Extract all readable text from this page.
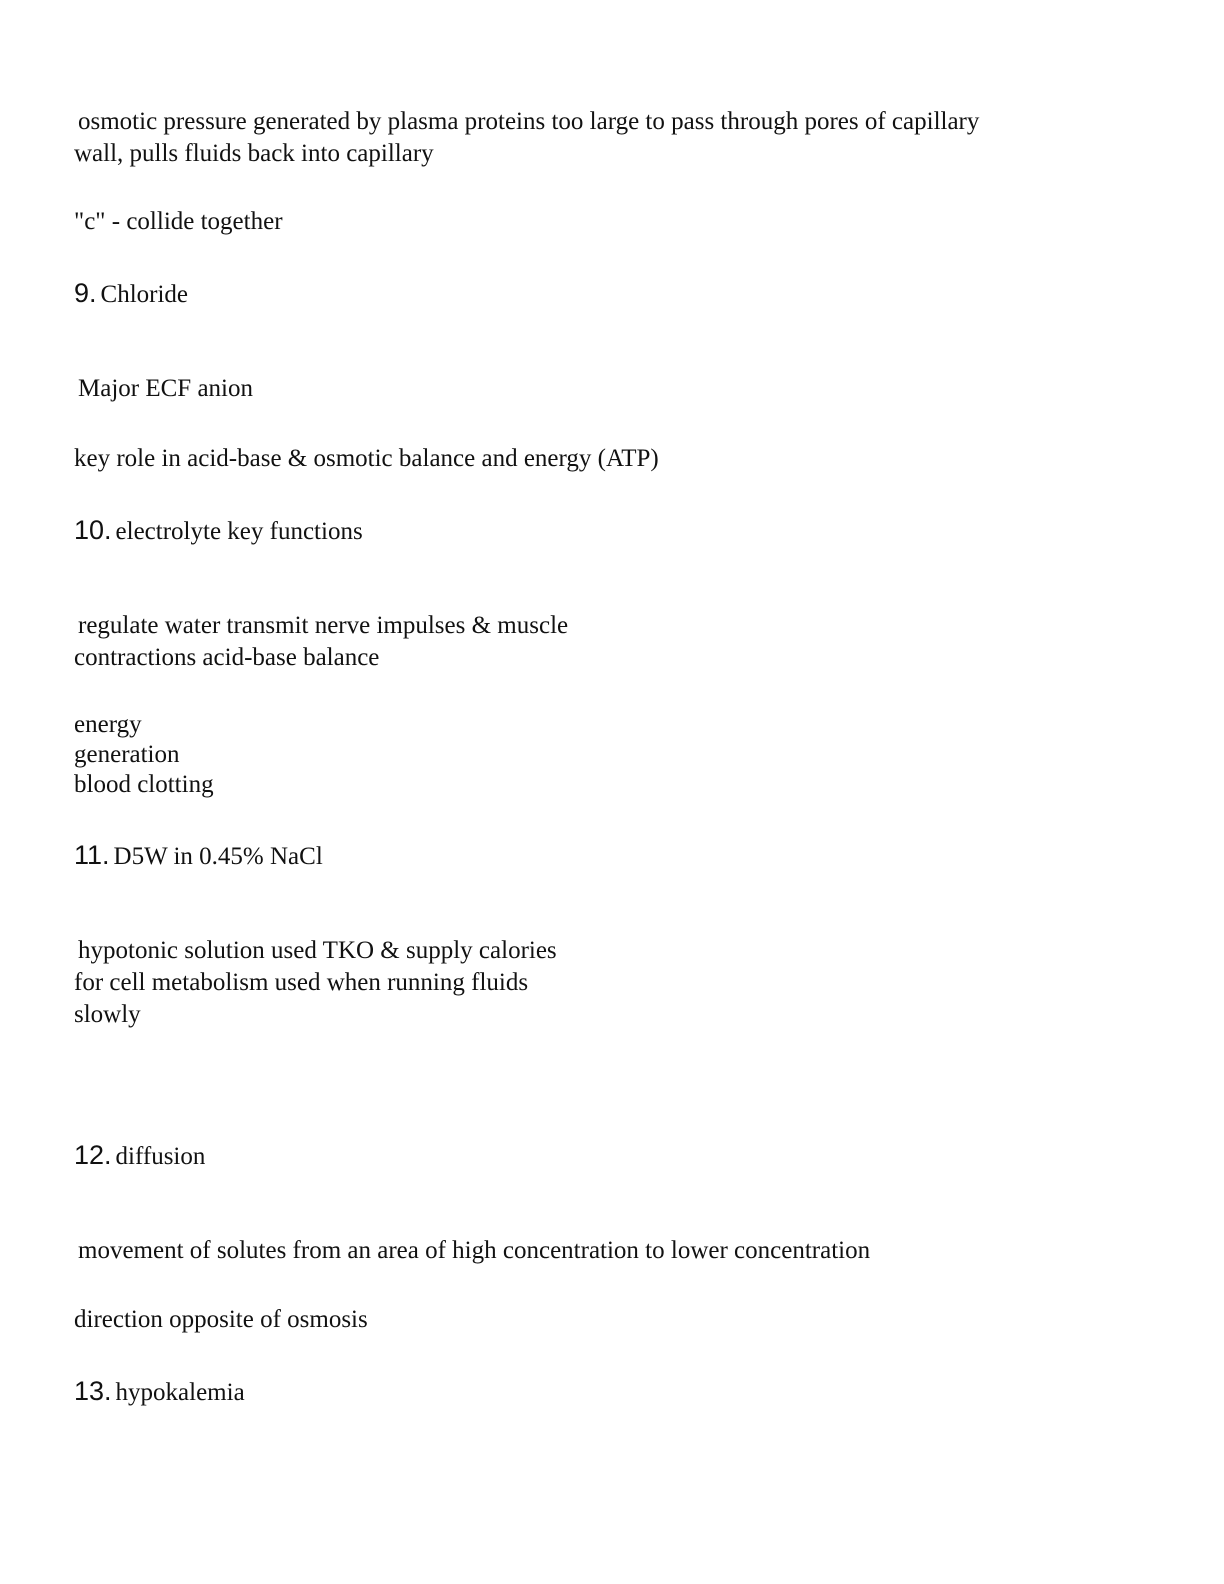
osmotic pressure generated by plasma proteins too large to pass through pores of capillary

wall, pulls fluids back into capillary

"c" - collide together

9. Chloride

Major ECF anion

key role in acid-base & osmotic balance and energy (ATP)

10. electrolyte key functions

regulate water transmit nerve impulses & muscle

contractions acid-base balance

energy

generation

blood clotting

11. D5W in 0.45% NaCl

hypotonic solution used TKO & supply calories

for cell metabolism used when running fluids

slowly

12. diffusion

movement of solutes from an area of high concentration to lower concentration

direction opposite of osmosis

13. hypokalemia
